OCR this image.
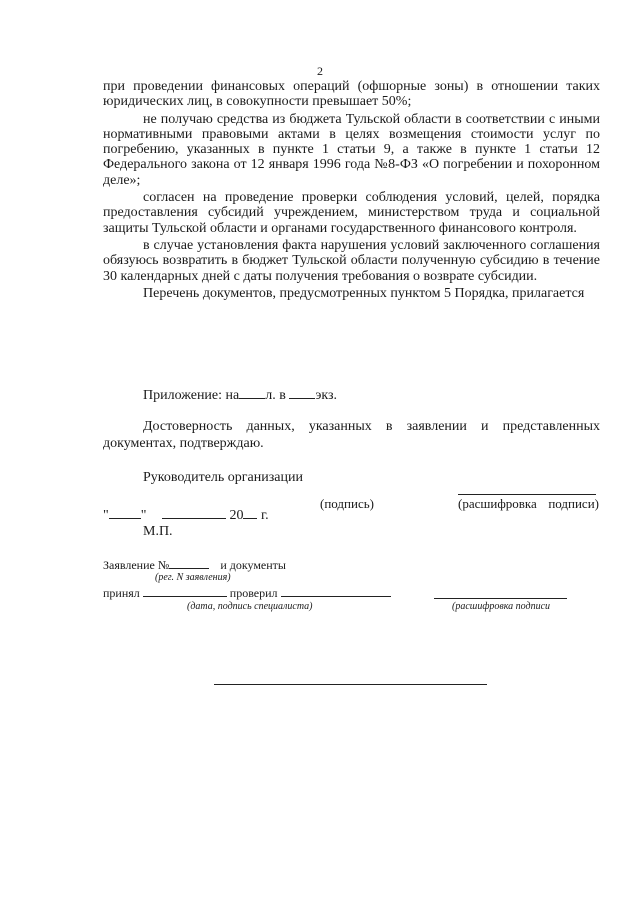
2

при проведении финансовых операций (офшорные зоны) в отношении таких юридических лиц, в совокупности превышает 50%;

не получаю средства из бюджета Тульской области в соответствии с иными нормативными правовыми актами в целях возмещения стоимости услуг по погребению, указанных в пункте 1 статьи 9, а также в пункте 1 статьи 12 Федерального закона от 12 января 1996 года №8-ФЗ «О погребении и похоронном деле»;

согласен на проведение проверки соблюдения условий, целей, порядка предоставления субсидий учреждением, министерством труда и социальной защиты Тульской области и органами государственного финансового контроля.

в случае установления факта нарушения условий заключенного соглашения обязуюсь возвратить в бюджет Тульской области полученную субсидию в течение 30 календарных дней с даты получения требования о возврате субсидии.

Перечень документов, предусмотренных пунктом 5 Порядка, прилагается

Приложение: на л. в экз.
Достоверность данных, указанных в заявлении и представленных документах, подтверждаю.
Руководитель организации
(подпись)	(расшифровка подписи)
" "	20 г.
М.П.
Заявление №	и документы
(рег. N заявления)
принял	проверил
(дата, подпись специалиста)	(расшифровка подписи
